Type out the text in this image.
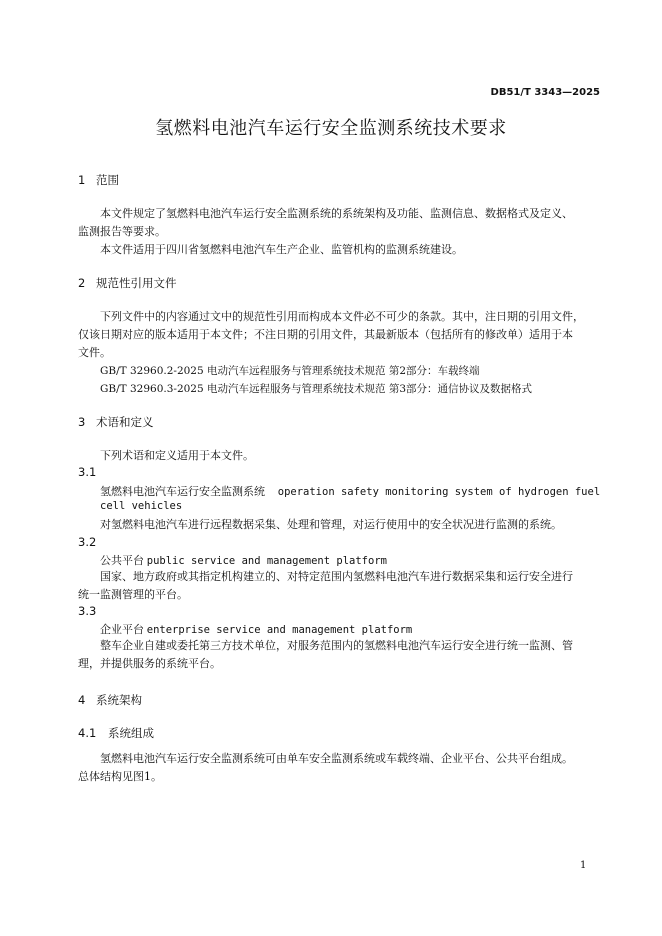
DB51/T 3343—2025
氢燃料电池汽车运行安全监测系统技术要求
1 范围
本文件规定了氢燃料电池汽车运行安全监测系统的系统架构及功能、监测信息、数据格式及定义、
监测报告等要求。
本文件适用于四川省氢燃料电池汽车生产企业、监管机构的监测系统建设。
2 规范性引用文件
下列文件中的内容通过文中的规范性引用而构成本文件必不可少的条款。其中，注日期的引用文件，
仅该日期对应的版本适用于本文件；不注日期的引用文件，其最新版本（包括所有的修改单）适用于本
文件。
GB/T 32960.2-2025 电动汽车远程服务与管理系统技术规范 第2部分：车载终端
GB/T 32960.3-2025 电动汽车远程服务与管理系统技术规范 第3部分：通信协议及数据格式
3 术语和定义
下列术语和定义适用于本文件。
3.1
氢燃料电池汽车运行安全监测系统 operation safety monitoring system of hydrogen fuel
cell vehicles
对氢燃料电池汽车进行远程数据采集、处理和管理，对运行使用中的安全状况进行监测的系统。
3.2
公共平台 public service and management platform
国家、地方政府或其指定机构建立的、对特定范围内氢燃料电池汽车进行数据采集和运行安全进行
统一监测管理的平台。
3.3
企业平台 enterprise service and management platform
整车企业自建或委托第三方技术单位，对服务范围内的氢燃料电池汽车运行安全进行统一监测、管
理，并提供服务的系统平台。
4 系统架构
4.1 系统组成
氢燃料电池汽车运行安全监测系统可由单车安全监测系统或车载终端、企业平台、公共平台组成。
总体结构见图1。
1
